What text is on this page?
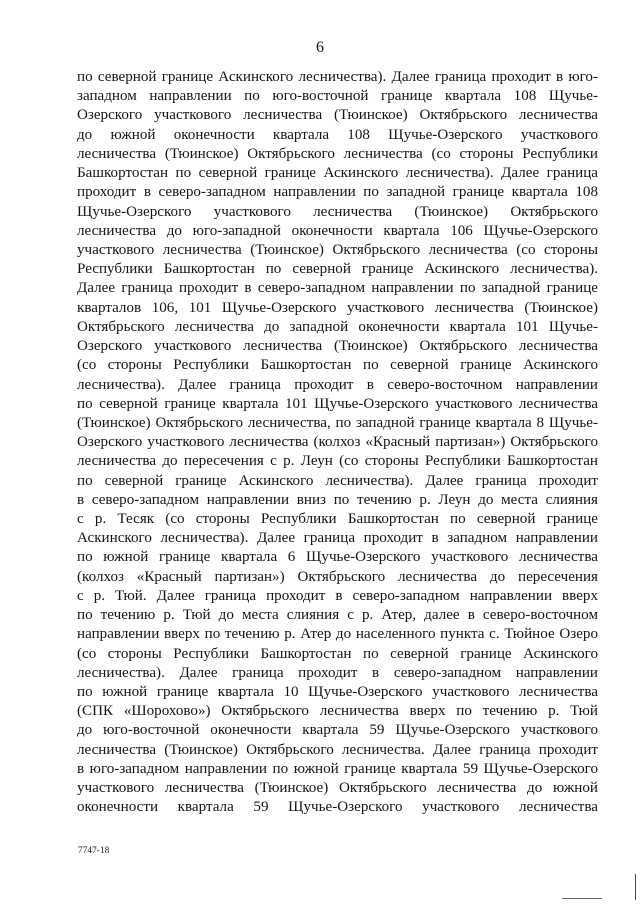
6
по северной границе Аскинского лесничества). Далее граница проходит в юго-
западном направлении по юго-восточной границе квартала 108 Щучье-
Озерского участкового лесничества (Тюинское) Октябрьского лесничества
до южной оконечности квартала 108 Щучье-Озерского участкового
лесничества (Тюинское) Октябрьского лесничества (со стороны Республики
Башкортостан по северной границе Аскинского лесничества). Далее граница
проходит в северо-западном направлении по западной границе квартала 108
Щучье-Озерского участкового лесничества (Тюинское) Октябрьского
лесничества до юго-западной оконечности квартала 106 Щучье-Озерского
участкового лесничества (Тюинское) Октябрьского лесничества (со стороны
Республики Башкортостан по северной границе Аскинского лесничества).
Далее граница проходит в северо-западном направлении по западной границе
кварталов 106, 101 Щучье-Озерского участкового лесничества (Тюинское)
Октябрьского лесничества до западной оконечности квартала 101 Щучье-
Озерского участкового лесничества (Тюинское) Октябрьского лесничества
(со стороны Республики Башкортостан по северной границе Аскинского
лесничества). Далее граница проходит в северо-восточном направлении
по северной границе квартала 101 Щучье-Озерского участкового лесничества
(Тюинское) Октябрьского лесничества, по западной границе квартала 8 Щучье-
Озерского участкового лесничества (колхоз «Красный партизан») Октябрьского
лесничества до пересечения с р. Леун (со стороны Республики Башкортостан
по северной границе Аскинского лесничества). Далее граница проходит
в северо-западном направлении вниз по течению р. Леун до места слияния
с р. Тесяк (со стороны Республики Башкортостан по северной границе
Аскинского лесничества). Далее граница проходит в западном направлении
по южной границе квартала 6 Щучье-Озерского участкового лесничества
(колхоз «Красный партизан») Октябрьского лесничества до пересечения
с р. Тюй. Далее граница проходит в северо-западном направлении вверх
по течению р. Тюй до места слияния с р. Атер, далее в северо-восточном
направлении вверх по течению р. Атер до населенного пункта с. Тюйное Озеро
(со стороны Республики Башкортостан по северной границе Аскинского
лесничества). Далее граница проходит в северо-западном направлении
по южной границе квартала 10 Щучье-Озерского участкового лесничества
(СПК «Шорохово») Октябрьского лесничества вверх по течению р. Тюй
до юго-восточной оконечности квартала 59 Щучье-Озерского участкового
лесничества (Тюинское) Октябрьского лесничества. Далее граница проходит
в юго-западном направлении по южной границе квартала 59 Щучье-Озерского
участкового лесничества (Тюинское) Октябрьского лесничества до южной
оконечности квартала 59 Щучье-Озерского участкового лесничества
7747-18
